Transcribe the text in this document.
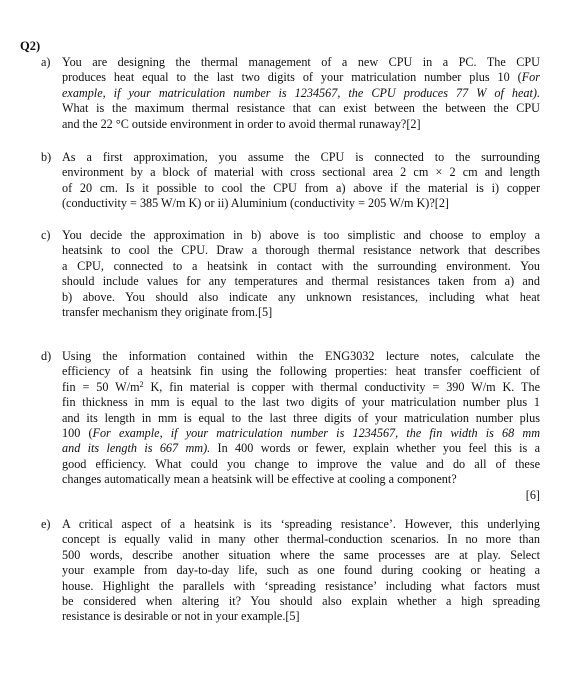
Q2)
a) You are designing the thermal management of a new CPU in a PC. The CPU
produces heat equal to the last two digits of your matriculation number plus 10 (For
example, if your matriculation number is 1234567, the CPU produces 77 W of heat).
What is the maximum thermal resistance that can exist between the between the CPU
and the 22 °C outside environment in order to avoid thermal runaway?[2]
b) As a first approximation, you assume the CPU is connected to the surrounding
environment by a block of material with cross sectional area 2 cm × 2 cm and length
of 20 cm. Is it possible to cool the CPU from a) above if the material is i) copper
(conductivity = 385 W/m K) or ii) Aluminium (conductivity = 205 W/m K)?[2]
c) You decide the approximation in b) above is too simplistic and choose to employ a
heatsink to cool the CPU. Draw a thorough thermal resistance network that describes
a CPU, connected to a heatsink in contact with the surrounding environment. You
should include values for any temperatures and thermal resistances taken from a) and
b) above. You should also indicate any unknown resistances, including what heat
transfer mechanism they originate from.[5]
d) Using the information contained within the ENG3032 lecture notes, calculate the
efficiency of a heatsink fin using the following properties: heat transfer coefficient of
fin = 50 $W/m^2$ K, fin material is copper with thermal conductivity = 390 W/m K. The
fin thickness in mm is equal to the last two digits of your matriculation number plus 1
and its length in mm is equal to the last three digits of your matriculation number plus
100 (For example, if your matriculation number is 1234567, the fin width is 68 mm
and its length is 667 mm). In 400 words or fewer, explain whether you feel this is a
good efficiency. What could you change to improve the value and do all of these
changes automatically mean a heatsink will be effective at cooling a component?
[6]
e) A critical aspect of a heatsink is its ‘spreading resistance’. However, this underlying
concept is equally valid in many other thermal-conduction scenarios. In no more than
500 words, describe another situation where the same processes are at play. Select
your example from day-to-day life, such as one found during cooking or heating a
house. Highlight the parallels with ‘spreading resistance’ including what factors must
be considered when altering it? You should also explain whether a high spreading
resistance is desirable or not in your example.[5]
